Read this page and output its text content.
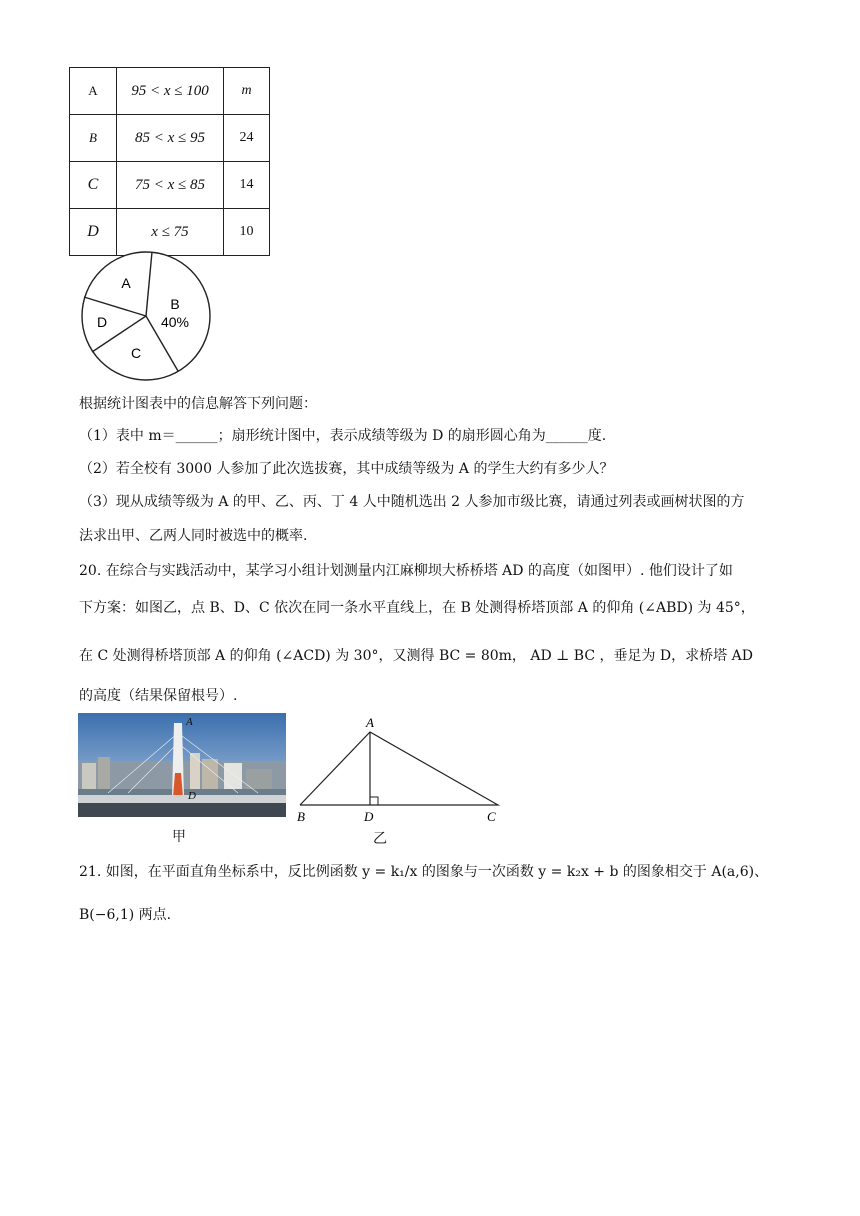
A	95 < x ≤ 100	m
B	85 < x ≤ 95	24
C	75 < x ≤ 85	14
D	x ≤ 75	10
A
B
40%
D
C
根据统计图表中的信息解答下列问题：
（1）表中 m＝______；扇形统计图中，表示成绩等级为 D 的扇形圆心角为______度.
（2）若全校有 3000 人参加了此次选拔赛，其中成绩等级为 A 的学生大约有多少人？
（3）现从成绩等级为 A 的甲、乙、丙、丁 4 人中随机选出 2 人参加市级比赛，请通过列表或画树状图的方
法求出甲、乙两人同时被选中的概率.
20. 在综合与实践活动中，某学习小组计划测量内江麻柳坝大桥桥塔 AD 的高度（如图甲）. 他们设计了如
下方案：如图乙，点 B、D、C 依次在同一条水平直线上，在 B 处测得桥塔顶部 A 的仰角 (∠ABD) 为 45°，
在 C 处测得桥塔顶部 A 的仰角 (∠ACD) 为 30°，又测得 BC = 80m， AD ⊥ BC ，垂足为 D，求桥塔 AD
的高度（结果保留根号）.
A
D
甲
A
B	D	C
乙
21. 如图，在平面直角坐标系中，反比例函数 y = k₁/x 的图象与一次函数 y = k₂x + b 的图象相交于 A(a,6)、
B(−6,1) 两点.
